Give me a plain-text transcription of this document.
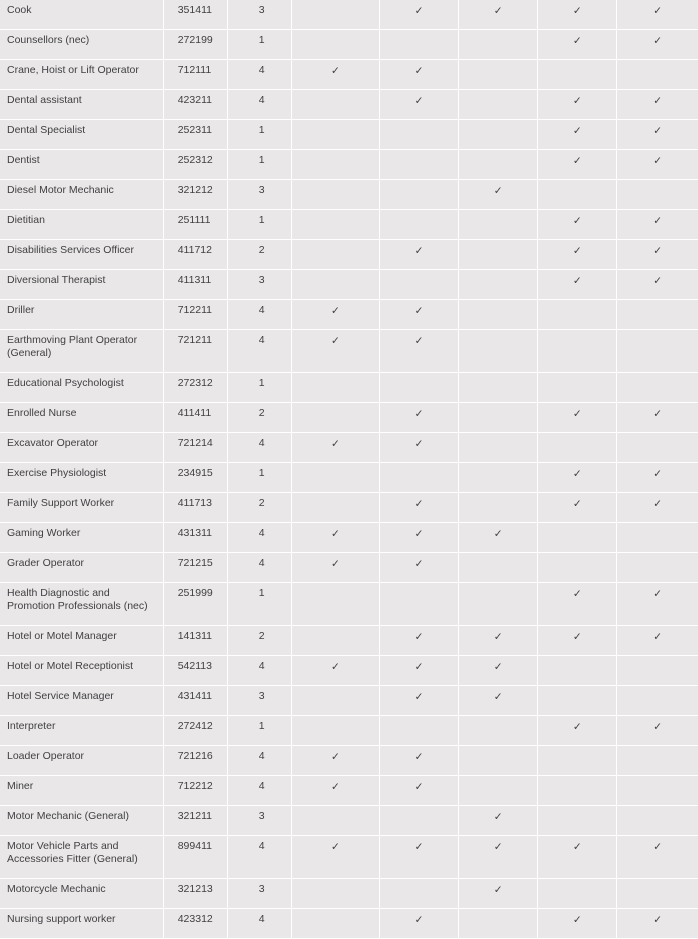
Cook	351411	3		✓	✓	✓	✓
Counsellors (nec)	272199	1				✓	✓
Crane, Hoist or Lift Operator	712111	4	✓	✓			
Dental assistant	423211	4		✓		✓	✓
Dental Specialist	252311	1				✓	✓
Dentist	252312	1				✓	✓
Diesel Motor Mechanic	321212	3			✓		
Dietitian	251111	1				✓	✓
Disabilities Services Officer	411712	2		✓		✓	✓
Diversional Therapist	411311	3				✓	✓
Driller	712211	4	✓	✓			
Earthmoving Plant Operator (General)	721211	4	✓	✓			
Educational Psychologist	272312	1					
Enrolled Nurse	411411	2		✓		✓	✓
Excavator Operator	721214	4	✓	✓			
Exercise Physiologist	234915	1				✓	✓
Family Support Worker	411713	2		✓		✓	✓
Gaming Worker	431311	4	✓	✓	✓		
Grader Operator	721215	4	✓	✓			
Health Diagnostic and Promotion Professionals (nec)	251999	1				✓	✓
Hotel or Motel Manager	141311	2		✓	✓	✓	✓
Hotel or Motel Receptionist	542113	4	✓	✓	✓		
Hotel Service Manager	431411	3		✓	✓		
Interpreter	272412	1				✓	✓
Loader Operator	721216	4	✓	✓			
Miner	712212	4	✓	✓			
Motor Mechanic (General)	321211	3			✓		
Motor Vehicle Parts and Accessories Fitter (General)	899411	4	✓	✓	✓	✓	✓
Motorcycle Mechanic	321213	3			✓		
Nursing support worker	423312	4		✓		✓	✓
